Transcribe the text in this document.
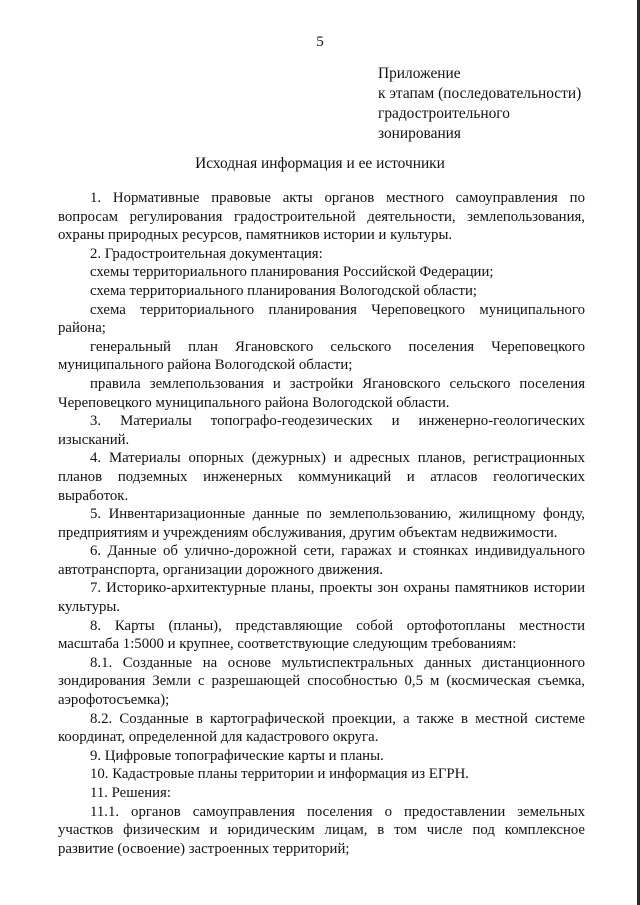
5
Приложение
к этапам (последовательности)
градостроительного
зонирования
Исходная информация и ее источники

1. Нормативные правовые акты органов местного самоуправления по вопросам регулирования градостроительной деятельности, землепользования, охраны природных ресурсов, памятников истории и культуры.

2. Градостроительная документация:

схемы территориального планирования Российской Федерации;

схема территориального планирования Вологодской области;

схема территориального планирования Череповецкого муниципального района;

генеральный план Ягановского сельского поселения Череповецкого муниципального района Вологодской области;

правила землепользования и застройки Ягановского сельского поселения Череповецкого муниципального района Вологодской области.

3. Материалы топографо-геодезических и инженерно-геологических изысканий.

4. Материалы опорных (дежурных) и адресных планов, регистрационных планов подземных инженерных коммуникаций и атласов геологических выработок.

5. Инвентаризационные данные по землепользованию, жилищному фонду, предприятиям и учреждениям обслуживания, другим объектам недвижимости.

6. Данные об улично-дорожной сети, гаражах и стоянках индивидуального автотранспорта, организации дорожного движения.

7. Историко-архитектурные планы, проекты зон охраны памятников истории культуры.

8. Карты (планы), представляющие собой ортофотопланы местности масштаба 1:5000 и крупнее, соответствующие следующим требованиям:

8.1. Созданные на основе мультиспектральных данных дистанционного зондирования Земли с разрешающей способностью 0,5 м (космическая съемка, аэрофотосъемка);

8.2. Созданные в картографической проекции, а также в местной системе координат, определенной для кадастрового округа.

9. Цифровые топографические карты и планы.

10. Кадастровые планы территории и информация из ЕГРН.

11. Решения:

11.1. органов самоуправления поселения о предоставлении земельных участков физическим и юридическим лицам, в том числе под комплексное развитие (освоение) застроенных территорий;
